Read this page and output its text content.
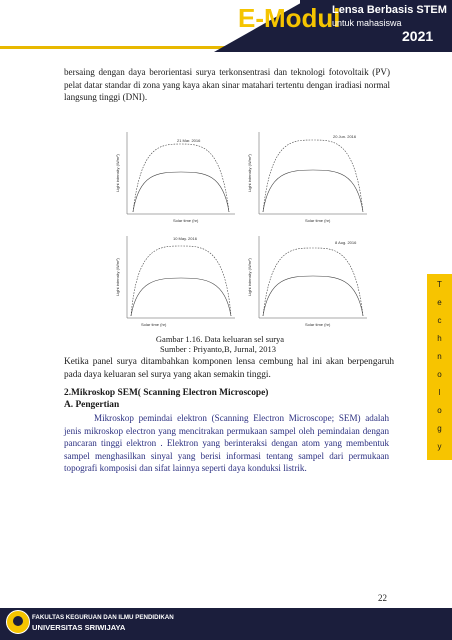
E-Modul
Lensa Berbasis STEM
untuk mahasiswa
2021
bersaing dengan daya berorientasi surya terkonsentrasi dan teknologi fotovoltaik (PV) pelat datar standar di zona yang kaya akan sinar matahari tertentu dengan iradiasi normal langsung tinggi (DNI).
Light intensity (W/m²)
Solar time (hr)
21 Mar. 2016
Light intensity (W/m²)
Solar time (hr)
20 Jun. 2016
Light intensity (W/m²)
Solar time (hr)
10 May. 2016
Light intensity (W/m²)
Solar time (hr)
8 Aug. 2016
Gambar 1.16. Data keluaran sel surya
Sumber : Priyanto,B, Jurnal, 2013
Ketika panel surya ditambahkan komponen lensa cembung hal ini akan berpengaruh pada daya keluaran sel surya yang akan semakin tinggi.
2.Mikroskop SEM( Scanning Electron Microscope)
A. Pengertian
Mikroskop pemindai elektron (Scanning Electron Microscope; SEM) adalah jenis mikroskop electron yang mencitrakan permukaan sampel oleh pemindaian dengan pancaran tinggi elektron . Elektron yang berinteraksi dengan atom yang membentuk sampel menghasilkan sinyal yang berisi informasi tentang sampel dari permukaan topografi komposisi dan sifat lainnya seperti daya konduksi listrik.
T
e
c
h
n
o
l
o
g
y
22
FAKULTAS KEGURUAN DAN ILMU PENDIDIKAN
UNIVERSITAS SRIWIJAYA
